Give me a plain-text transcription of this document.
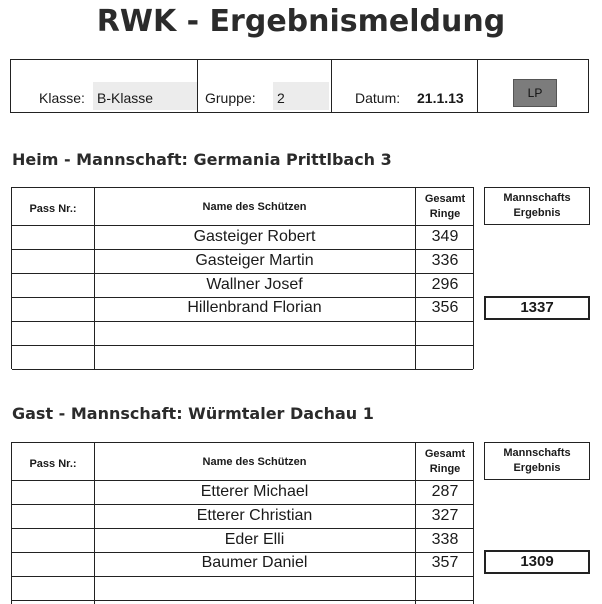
RWK - Ergebnismeldung
Klasse: B-Klasse	Gruppe: 2	Datum: 21.1.13	LP
Heim - Mannschaft: Germania Prittlbach 3
Pass Nr.:	Name des Schützen
Gesamt
Ringe
Gasteiger Robert	349
Gasteiger Martin	336
Wallner Josef	296
Hillenbrand Florian	356
Mannschafts
Ergebnis
1337
Gast - Mannschaft: Würmtaler Dachau 1
Pass Nr.:	Name des Schützen
Gesamt
Ringe
Etterer Michael	287
Etterer Christian	327
Eder Elli	338
Baumer Daniel	357
Mannschafts
Ergebnis
1309
